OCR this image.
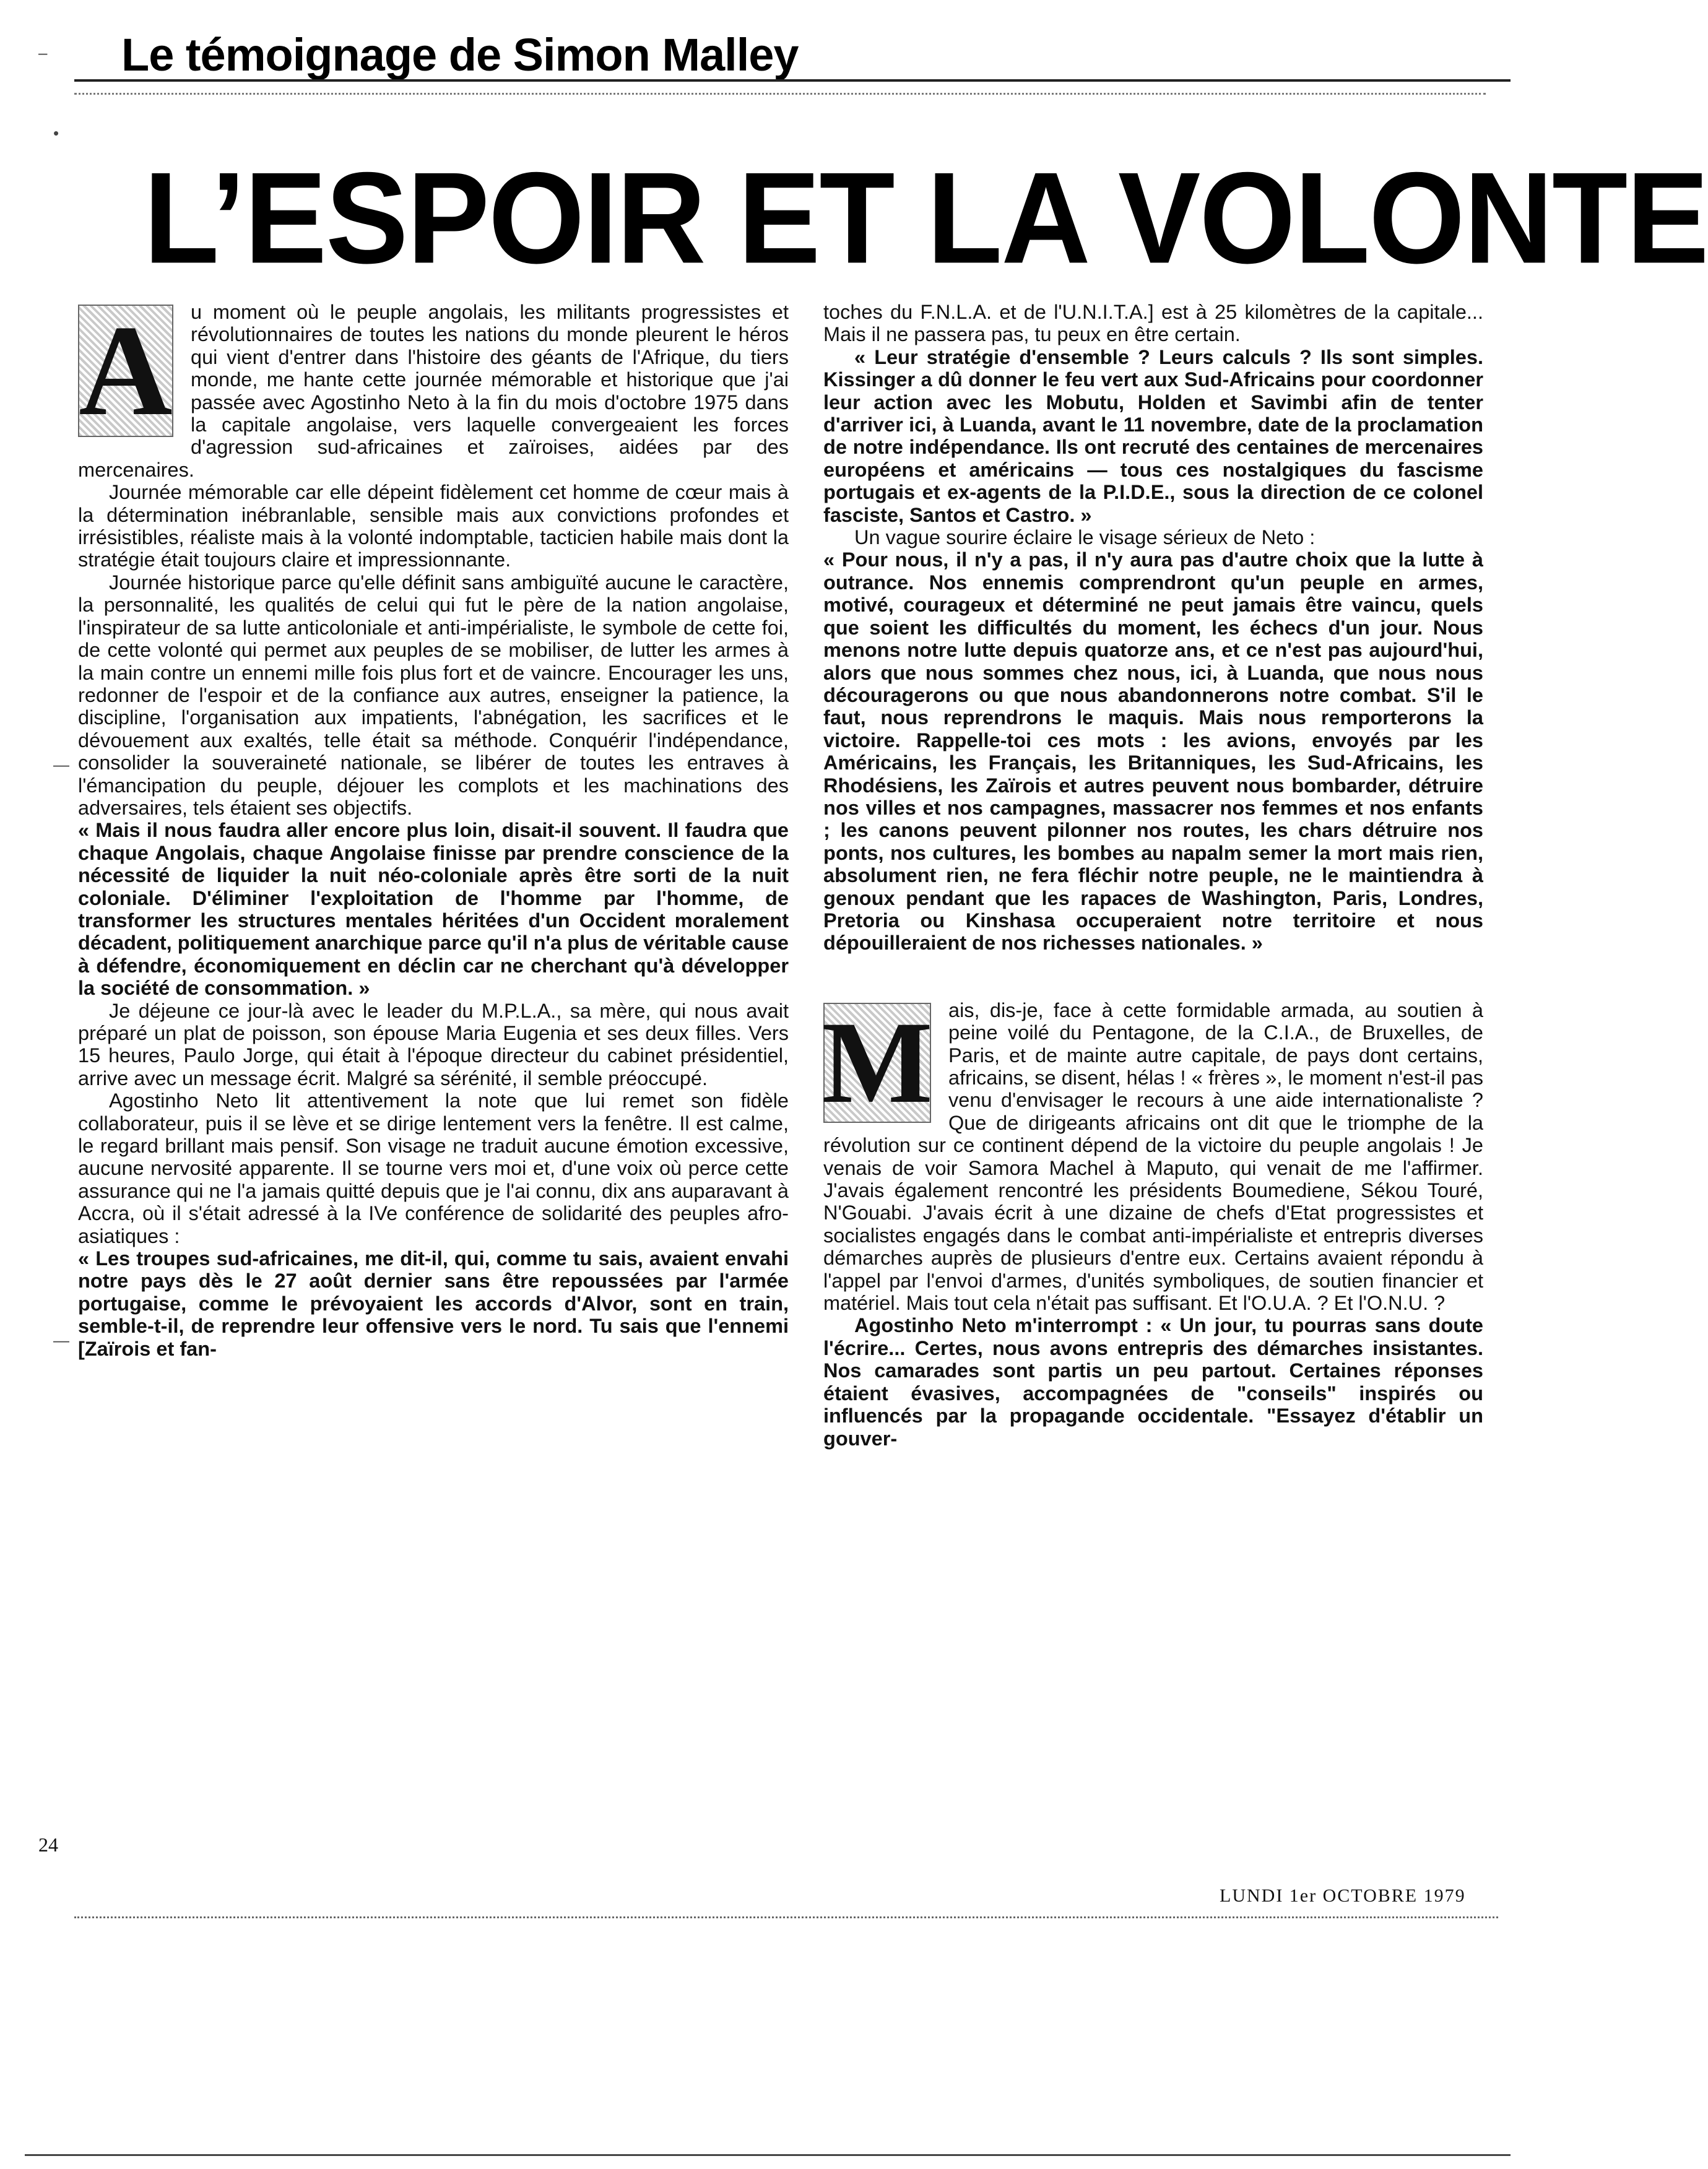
Le témoignage de Simon Malley
L’ESPOIR ET LA VOLONTE

A u moment où le peuple angolais, les militants progressistes et révolutionnaires de toutes les nations du monde pleurent le héros qui vient d'entrer dans l'histoire des géants de l'Afrique, du tiers monde, me hante cette journée mémorable et historique que j'ai passée avec Agostinho Neto à la fin du mois d'octobre 1975 dans la capitale angolaise, vers laquelle convergeaient les forces d'agression sud-africaines et zaïroises, aidées par des mercenaires.

Journée mémorable car elle dépeint fidèlement cet homme de cœur mais à la détermination inébranlable, sensible mais aux convictions profondes et irrésistibles, réaliste mais à la volonté indomptable, tacticien habile mais dont la stratégie était toujours claire et impressionnante.

Journée historique parce qu'elle définit sans ambiguïté aucune le caractère, la personnalité, les qualités de celui qui fut le père de la nation angolaise, l'inspirateur de sa lutte anticoloniale et anti-impérialiste, le symbole de cette foi, de cette volonté qui permet aux peuples de se mobiliser, de lutter les armes à la main contre un ennemi mille fois plus fort et de vaincre. Encourager les uns, redonner de l'espoir et de la confiance aux autres, enseigner la patience, la discipline, l'organisation aux impatients, l'abnégation, les sacrifices et le dévouement aux exaltés, telle était sa méthode. Conquérir l'indépendance, consolider la souveraineté nationale, se libérer de toutes les entraves à l'émancipation du peuple, déjouer les complots et les machinations des adversaires, tels étaient ses objectifs.

« Mais il nous faudra aller encore plus loin, disait-il souvent. Il faudra que chaque Angolais, chaque Angolaise finisse par prendre conscience de la nécessité de liquider la nuit néo-coloniale après être sorti de la nuit coloniale. D'éliminer l'exploitation de l'homme par l'homme, de transformer les structures mentales héritées d'un Occident moralement décadent, politiquement anarchique parce qu'il n'a plus de véritable cause à défendre, économiquement en déclin car ne cherchant qu'à développer la société de consommation. »

Je déjeune ce jour-là avec le leader du M.P.L.A., sa mère, qui nous avait préparé un plat de poisson, son épouse Maria Eugenia et ses deux filles. Vers 15 heures, Paulo Jorge, qui était à l'époque directeur du cabinet présidentiel, arrive avec un message écrit. Malgré sa sérénité, il semble préoccupé.

Agostinho Neto lit attentivement la note que lui remet son fidèle collaborateur, puis il se lève et se dirige lentement vers la fenêtre. Il est calme, le regard brillant mais pensif. Son visage ne traduit aucune émotion excessive, aucune nervosité apparente. Il se tourne vers moi et, d'une voix où perce cette assurance qui ne l'a jamais quitté depuis que je l'ai connu, dix ans auparavant à Accra, où il s'était adressé à la IVe conférence de solidarité des peuples afro-asiatiques :

« Les troupes sud-africaines, me dit-il, qui, comme tu sais, avaient envahi notre pays dès le 27 août dernier sans être repoussées par l'armée portugaise, comme le prévoyaient les accords d'Alvor, sont en train, semble-t-il, de reprendre leur offensive vers le nord. Tu sais que l'ennemi [Zaïrois et fan-

toches du F.N.L.A. et de l'U.N.I.T.A.] est à 25 kilomètres de la capitale... Mais il ne passera pas, tu peux en être certain.

« Leur stratégie d'ensemble ? Leurs calculs ? Ils sont simples. Kissinger a dû donner le feu vert aux Sud-Africains pour coordonner leur action avec les Mobutu, Holden et Savimbi afin de tenter d'arriver ici, à Luanda, avant le 11 novembre, date de la proclamation de notre indépendance. Ils ont recruté des centaines de mercenaires européens et américains — tous ces nostalgiques du fascisme portugais et ex-agents de la P.I.D.E., sous la direction de ce colonel fasciste, Santos et Castro. »

Un vague sourire éclaire le visage sérieux de Neto :

« Pour nous, il n'y a pas, il n'y aura pas d'autre choix que la lutte à outrance. Nos ennemis comprendront qu'un peuple en armes, motivé, courageux et déterminé ne peut jamais être vaincu, quels que soient les difficultés du moment, les échecs d'un jour. Nous menons notre lutte depuis quatorze ans, et ce n'est pas aujourd'hui, alors que nous sommes chez nous, ici, à Luanda, que nous nous découragerons ou que nous abandonnerons notre combat. S'il le faut, nous reprendrons le maquis. Mais nous remporterons la victoire. Rappelle-toi ces mots : les avions, envoyés par les Américains, les Français, les Britanniques, les Sud-Africains, les Rhodésiens, les Zaïrois et autres peuvent nous bombarder, détruire nos villes et nos campagnes, massacrer nos femmes et nos enfants ; les canons peuvent pilonner nos routes, les chars détruire nos ponts, nos cultures, les bombes au napalm semer la mort mais rien, absolument rien, ne fera fléchir notre peuple, ne le maintiendra à genoux pendant que les rapaces de Washington, Paris, Londres, Pretoria ou Kinshasa occuperaient notre territoire et nous dépouilleraient de nos richesses nationales. »

M ais, dis-je, face à cette formidable armada, au soutien à peine voilé du Pentagone, de la C.I.A., de Bruxelles, de Paris, et de mainte autre capitale, de pays dont certains, africains, se disent, hélas ! « frères », le moment n'est-il pas venu d'envisager le recours à une aide internationaliste ? Que de dirigeants africains ont dit que le triomphe de la révolution sur ce continent dépend de la victoire du peuple angolais ! Je venais de voir Samora Machel à Maputo, qui venait de me l'affirmer. J'avais également rencontré les présidents Boumediene, Sékou Touré, N'Gouabi. J'avais écrit à une dizaine de chefs d'Etat progressistes et socialistes engagés dans le combat anti-impérialiste et entrepris diverses démarches auprès de plusieurs d'entre eux. Certains avaient répondu à l'appel par l'envoi d'armes, d'unités symboliques, de soutien financier et matériel. Mais tout cela n'était pas suffisant. Et l'O.U.A. ? Et l'O.N.U. ?

Agostinho Neto m'interrompt : « Un jour, tu pourras sans doute l'écrire... Certes, nous avons entrepris des démarches insistantes. Nos camarades sont partis un peu partout. Certaines réponses étaient évasives, accompagnées de "conseils" inspirés ou influencés par la propagande occidentale. "Essayez d'établir un gouver-

24
LUNDI 1er OCTOBRE 1979
–
•
—
—
